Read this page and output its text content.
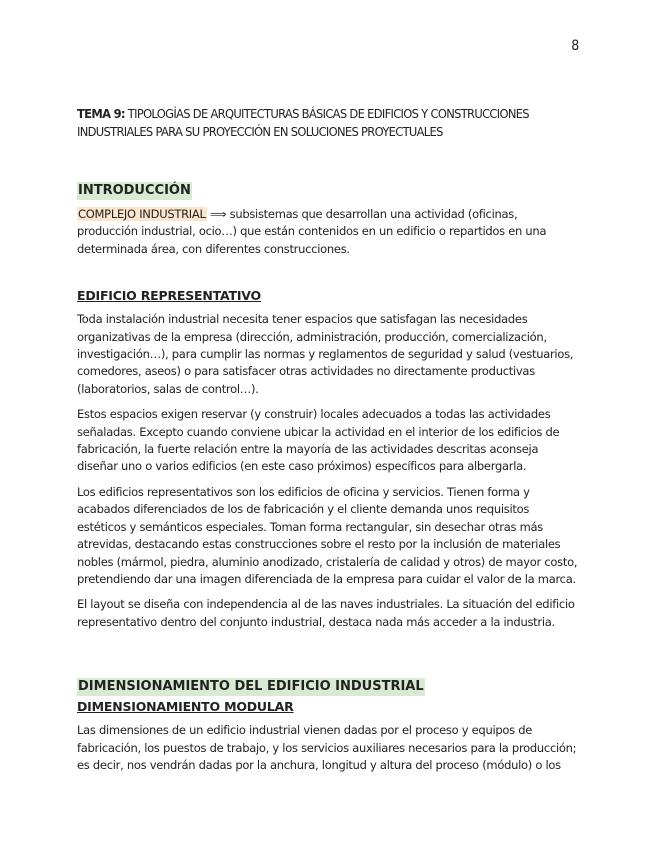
8
TEMA 9: TIPOLOGÍAS DE ARQUITECTURAS BÁSICAS DE EDIFICIOS Y CONSTRUCCIONES
INDUSTRIALES PARA SU PROYECCIÓN EN SOLUCIONES PROYECTUALES
INTRODUCCIÓN

COMPLEJO INDUSTRIAL ⟹ subsistemas que desarrollan una actividad (oficinas, producción industrial, ocio…) que están contenidos en un edificio o repartidos en una determinada área, con diferentes construcciones.

EDIFICIO REPRESENTATIVO

Toda instalación industrial necesita tener espacios que satisfagan las necesidades organizativas de la empresa (dirección, administración, producción, comercialización, investigación…), para cumplir las normas y reglamentos de seguridad y salud (vestuarios, comedores, aseos) o para satisfacer otras actividades no directamente productivas (laboratorios, salas de control…).

Estos espacios exigen reservar (y construir) locales adecuados a todas las actividades señaladas. Excepto cuando conviene ubicar la actividad en el interior de los edificios de fabricación, la fuerte relación entre la mayoría de las actividades descritas aconseja diseñar uno o varios edificios (en este caso próximos) específicos para albergarla.

Los edificios representativos son los edificios de oficina y servicios. Tienen forma y acabados diferenciados de los de fabricación y el cliente demanda unos requisitos estéticos y semánticos especiales. Toman forma rectangular, sin desechar otras más atrevidas, destacando estas construcciones sobre el resto por la inclusión de materiales nobles (mármol, piedra, aluminio anodizado, cristalería de calidad y otros) de mayor costo, pretendiendo dar una imagen diferenciada de la empresa para cuidar el valor de la marca.

El layout se diseña con independencia al de las naves industriales. La situación del edificio representativo dentro del conjunto industrial, destaca nada más acceder a la industria.

DIMENSIONAMIENTO DEL EDIFICIO INDUSTRIAL
DIMENSIONAMIENTO MODULAR

Las dimensiones de un edificio industrial vienen dadas por el proceso y equipos de fabricación, los puestos de trabajo, y los servicios auxiliares necesarios para la producción; es decir, nos vendrán dadas por la anchura, longitud y altura del proceso (módulo) o los
